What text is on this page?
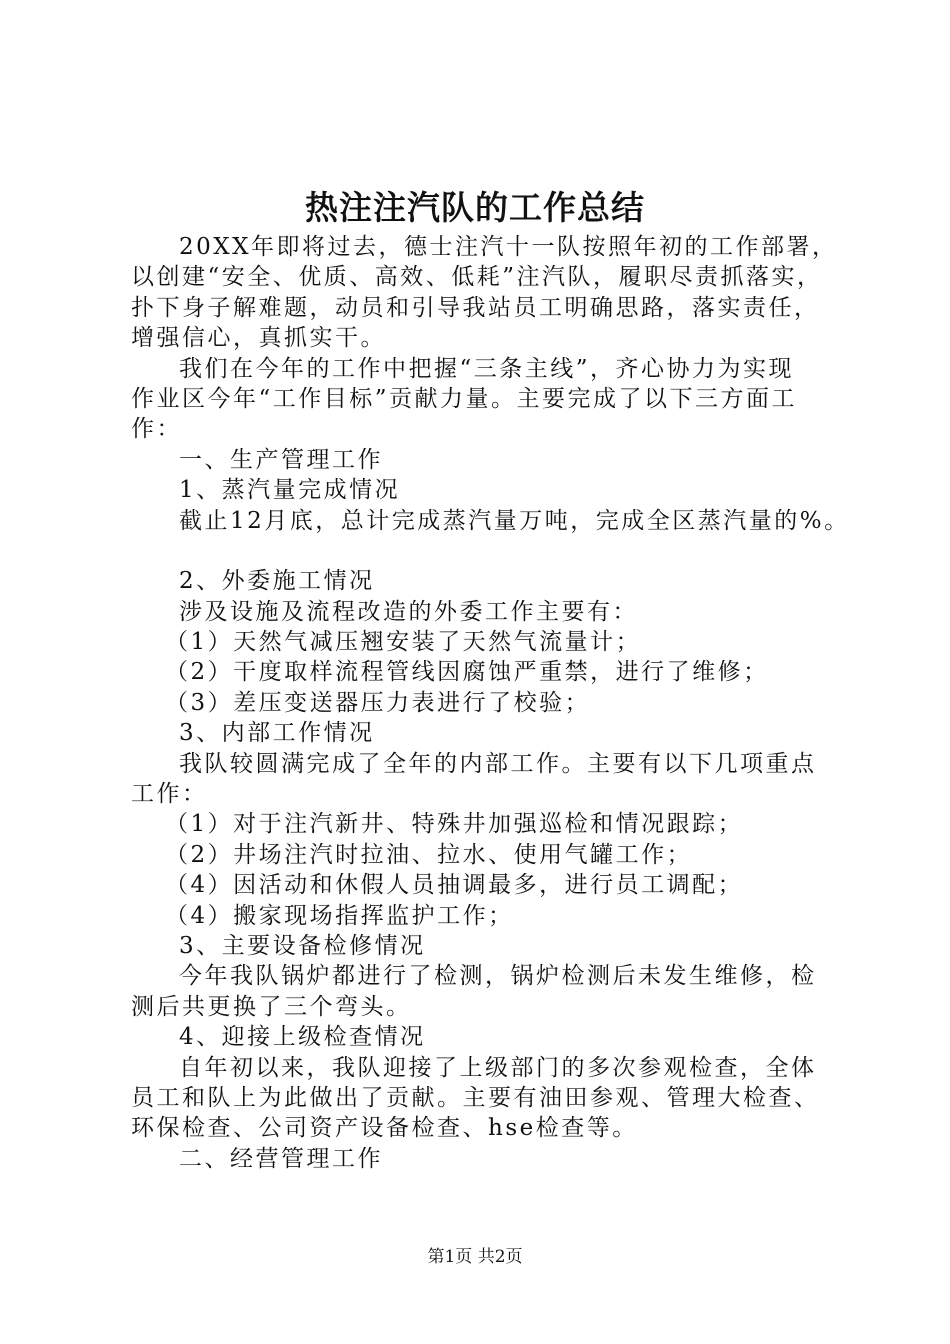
热注注汽队的工作总结
20XX年即将过去，德士注汽十一队按照年初的工作部署，
以创建“安全、优质、高效、低耗”注汽队，履职尽责抓落实，
扑下身子解难题，动员和引导我站员工明确思路，落实责任，
增强信心，真抓实干。
我们在今年的工作中把握“三条主线”，齐心协力为实现
作业区今年“工作目标”贡献力量。主要完成了以下三方面工
作：
一、生产管理工作
1、蒸汽量完成情况
截止12月底，总计完成蒸汽量万吨，完成全区蒸汽量的%。
2、外委施工情况
涉及设施及流程改造的外委工作主要有：
（1）天然气减压翘安装了天然气流量计；
（2）干度取样流程管线因腐蚀严重禁，进行了维修；
（3）差压变送器压力表进行了校验；
3、内部工作情况
我队较圆满完成了全年的内部工作。主要有以下几项重点
工作：
（1）对于注汽新井、特殊井加强巡检和情况跟踪；
（2）井场注汽时拉油、拉水、使用气罐工作；
（4）因活动和休假人员抽调最多，进行员工调配；
（4）搬家现场指挥监护工作；
3、主要设备检修情况
今年我队锅炉都进行了检测，锅炉检测后未发生维修，检
测后共更换了三个弯头。
4、迎接上级检查情况
自年初以来，我队迎接了上级部门的多次参观检查，全体
员工和队上为此做出了贡献。主要有油田参观、管理大检查、
环保检查、公司资产设备检查、hse检查等。
二、经营管理工作
第1页 共2页
